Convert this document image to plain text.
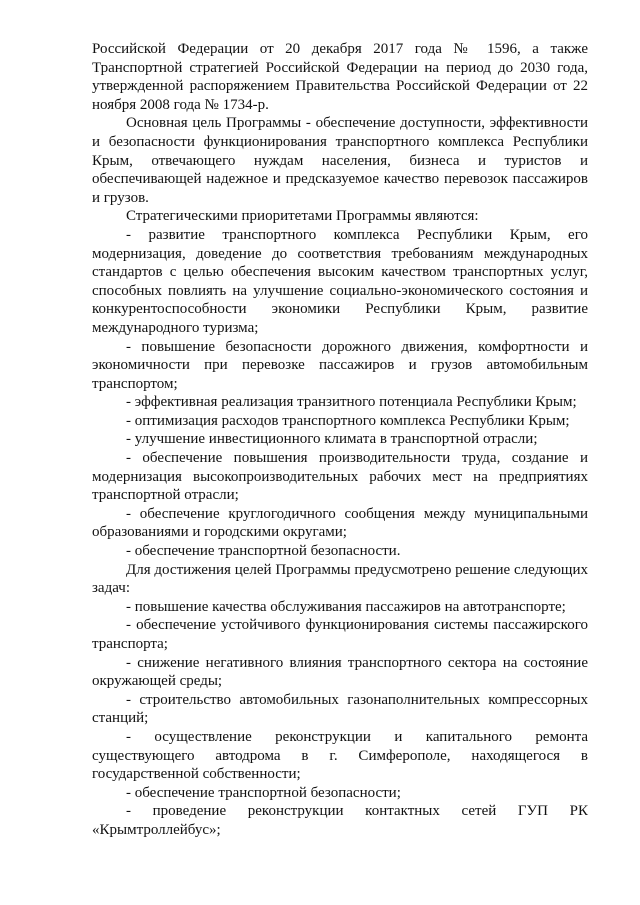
Российской Федерации от 20 декабря 2017 года № 1596, а также Транспортной стратегией Российской Федерации на период до 2030 года, утвержденной распоряжением Правительства Российской Федерации от 22 ноября 2008 года № 1734-р.

Основная цель Программы - обеспечение доступности, эффективности и безопасности функционирования транспортного комплекса Республики Крым, отвечающего нуждам населения, бизнеса и туристов и обеспечивающей надежное и предсказуемое качество перевозок пассажиров и грузов.

Стратегическими приоритетами Программы являются:

- развитие транспортного комплекса Республики Крым, его модернизация, доведение до соответствия требованиям международных стандартов с целью обеспечения высоким качеством транспортных услуг, способных повлиять на улучшение социально-экономического состояния и конкурентоспособности экономики Республики Крым, развитие международного туризма;

- повышение безопасности дорожного движения, комфортности и экономичности при перевозке пассажиров и грузов автомобильным транспортом;

- эффективная реализация транзитного потенциала Республики Крым;

- оптимизация расходов транспортного комплекса Республики Крым;

- улучшение инвестиционного климата в транспортной отрасли;

- обеспечение повышения производительности труда, создание и модернизация высокопроизводительных рабочих мест на предприятиях транспортной отрасли;

- обеспечение круглогодичного сообщения между муниципальными образованиями и городскими округами;

- обеспечение транспортной безопасности.

Для достижения целей Программы предусмотрено решение следующих задач:

- повышение качества обслуживания пассажиров на автотранспорте;

- обеспечение устойчивого функционирования системы пассажирского транспорта;

- снижение негативного влияния транспортного сектора на состояние окружающей среды;

- строительство автомобильных газонаполнительных компрессорных станций;

- осуществление реконструкции и капитального ремонта существующего автодрома в г. Симферополе, находящегося в государственной собственности;

- обеспечение транспортной безопасности;

- проведение реконструкции контактных сетей ГУП РК «Крымтроллейбус»;
